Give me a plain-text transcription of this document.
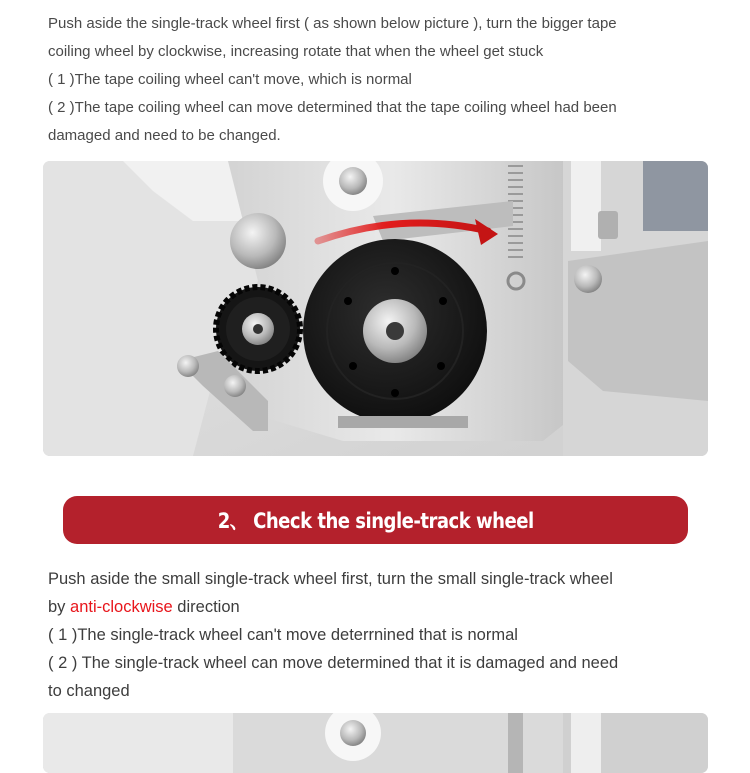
Push aside the single-track wheel first ( as shown below picture ), turn the bigger tape
coiling wheel by clockwise, increasing rotate that when the wheel get stuck
( 1 )The tape coiling wheel can't move, which is normal
( 2 )The tape coiling wheel can move determined that the tape coiling wheel had been
damaged and need to be changed.
2、 Check the single-track wheel
Push aside the small single-track wheel first, turn the small single-track wheel
by anti-clockwise direction
( 1 )The single-track wheel can't move deterrnined that is normal
( 2 ) The single-track wheel can move determined that it is damaged and need
to changed
